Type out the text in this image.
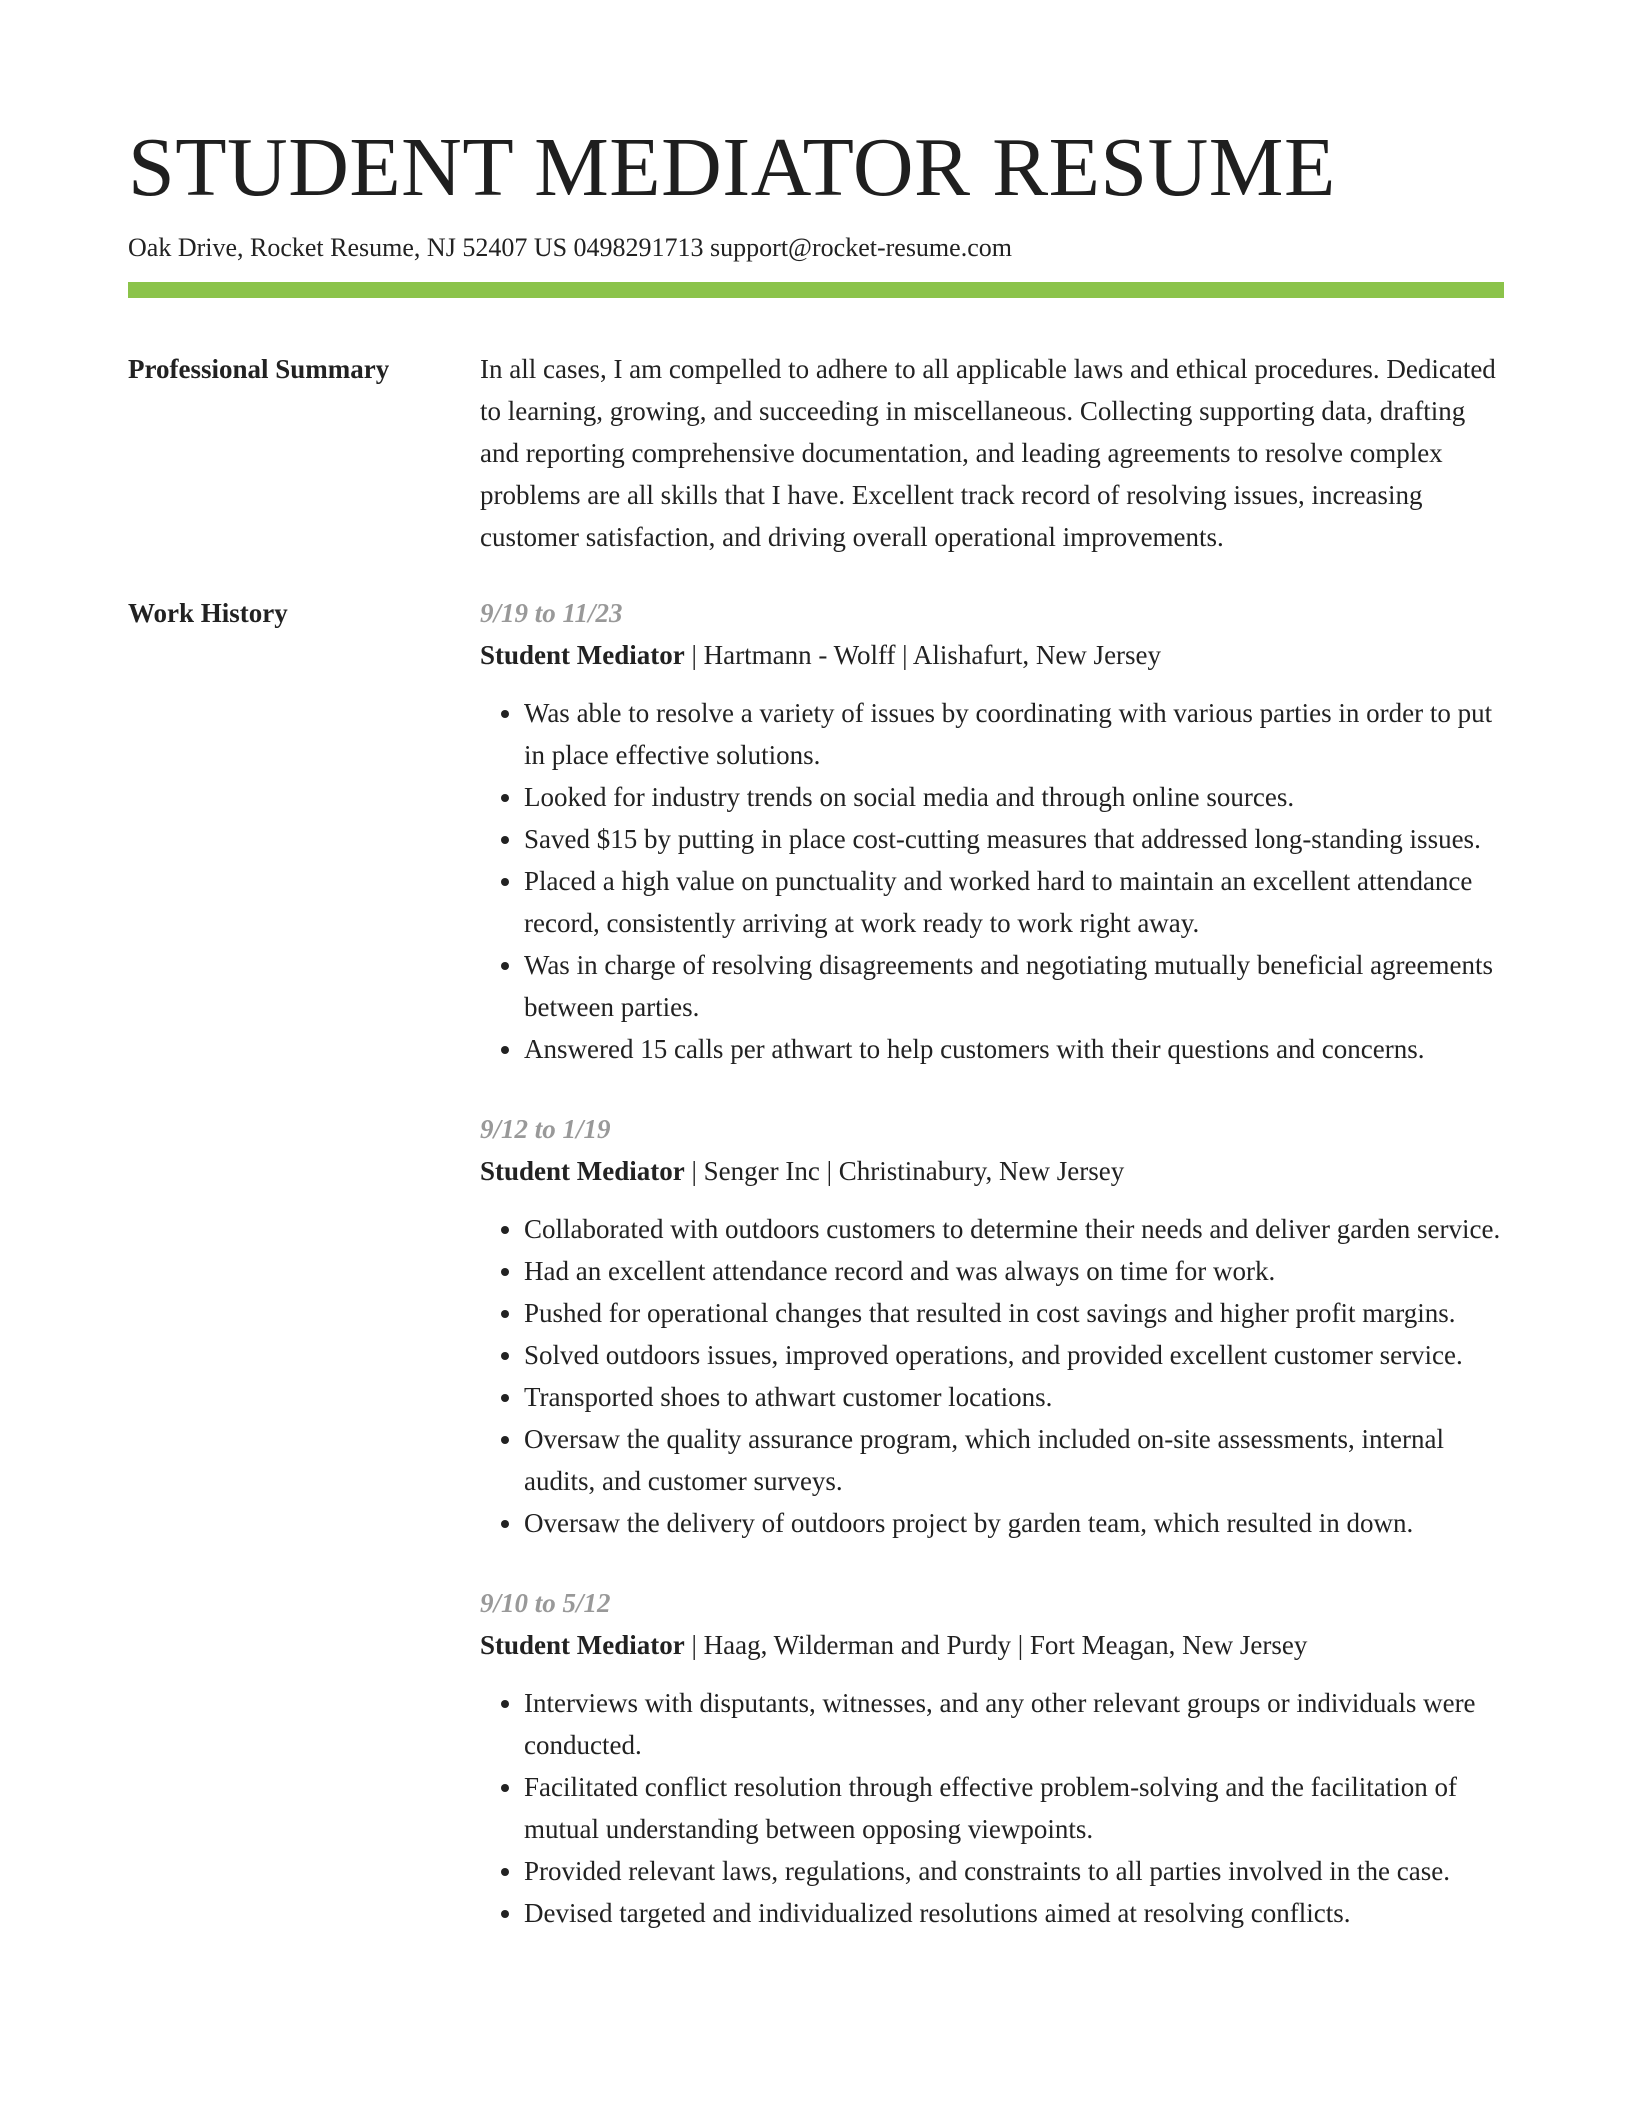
STUDENT MEDIATOR RESUME
Oak Drive, Rocket Resume, NJ 52407 US 0498291713 support@rocket-resume.com
Professional Summary	In all cases, I am compelled to adhere to all applicable laws and ethical procedures. Dedicated to learning, growing, and succeeding in miscellaneous. Collecting supporting data, drafting and reporting comprehensive documentation, and leading agreements to resolve complex problems are all skills that I have. Excellent track record of resolving issues, increasing customer satisfaction, and driving overall operational improvements.

Work History	9/19 to 11/23
Student Mediator | Hartmann - Wolff | Alishafurt, New Jersey
• Was able to resolve a variety of issues by coordinating with various parties in order to put in place effective solutions.
• Looked for industry trends on social media and through online sources.
• Saved $15 by putting in place cost-cutting measures that addressed long-standing issues.
• Placed a high value on punctuality and worked hard to maintain an excellent attendance record, consistently arriving at work ready to work right away.
• Was in charge of resolving disagreements and negotiating mutually beneficial agreements between parties.
• Answered 15 calls per athwart to help customers with their questions and concerns.
9/12 to 1/19
Student Mediator | Senger Inc | Christinabury, New Jersey
• Collaborated with outdoors customers to determine their needs and deliver garden service.
• Had an excellent attendance record and was always on time for work.
• Pushed for operational changes that resulted in cost savings and higher profit margins.
• Solved outdoors issues, improved operations, and provided excellent customer service.
• Transported shoes to athwart customer locations.
• Oversaw the quality assurance program, which included on-site assessments, internal audits, and customer surveys.
• Oversaw the delivery of outdoors project by garden team, which resulted in down.
9/10 to 5/12
Student Mediator | Haag, Wilderman and Purdy | Fort Meagan, New Jersey
• Interviews with disputants, witnesses, and any other relevant groups or individuals were conducted.
• Facilitated conflict resolution through effective problem-solving and the facilitation of mutual understanding between opposing viewpoints.
• Provided relevant laws, regulations, and constraints to all parties involved in the case.
• Devised targeted and individualized resolutions aimed at resolving conflicts.
